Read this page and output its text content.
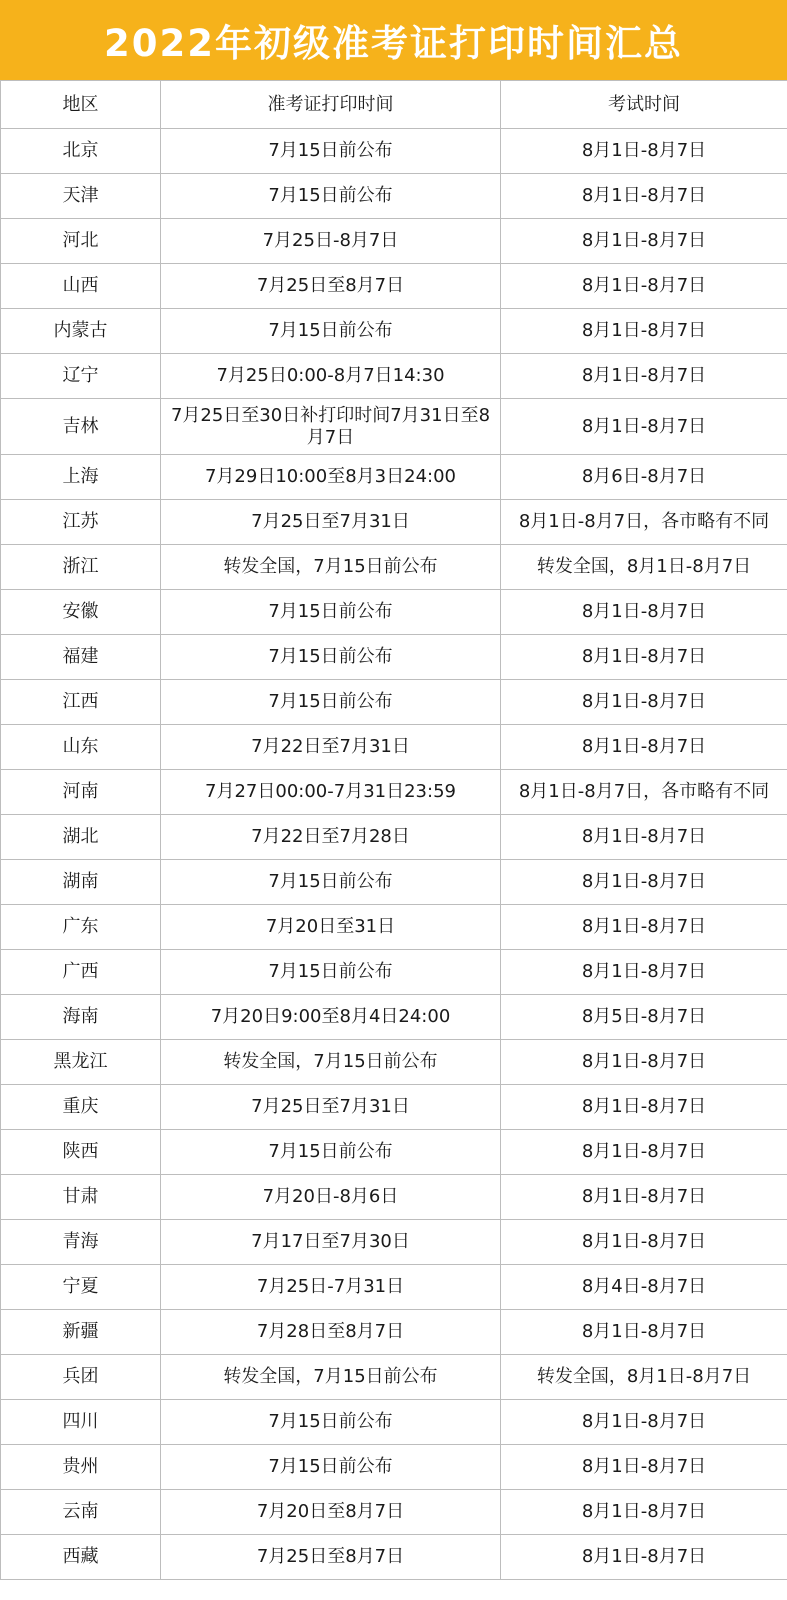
2022年初级准考证打印时间汇总
地区	准考证打印时间	考试时间
北京	7月15日前公布	8月1日-8月7日
天津	7月15日前公布	8月1日-8月7日
河北	7月25日-8月7日	8月1日-8月7日
山西	7月25日至8月7日	8月1日-8月7日
内蒙古	7月15日前公布	8月1日-8月7日
辽宁	7月25日0:00-8月7日14:30	8月1日-8月7日
吉林	7月25日至30日补打印时间7月31日至8月7日	8月1日-8月7日
上海	7月29日10:00至8月3日24:00	8月6日-8月7日
江苏	7月25日至7月31日	8月1日-8月7日，各市略有不同
浙江	转发全国，7月15日前公布	转发全国，8月1日-8月7日
安徽	7月15日前公布	8月1日-8月7日
福建	7月15日前公布	8月1日-8月7日
江西	7月15日前公布	8月1日-8月7日
山东	7月22日至7月31日	8月1日-8月7日
河南	7月27日00:00-7月31日23:59	8月1日-8月7日，各市略有不同
湖北	7月22日至7月28日	8月1日-8月7日
湖南	7月15日前公布	8月1日-8月7日
广东	7月20日至31日	8月1日-8月7日
广西	7月15日前公布	8月1日-8月7日
海南	7月20日9:00至8月4日24:00	8月5日-8月7日
黑龙江	转发全国，7月15日前公布	8月1日-8月7日
重庆	7月25日至7月31日	8月1日-8月7日
陕西	7月15日前公布	8月1日-8月7日
甘肃	7月20日-8月6日	8月1日-8月7日
青海	7月17日至7月30日	8月1日-8月7日
宁夏	7月25日-7月31日	8月4日-8月7日
新疆	7月28日至8月7日	8月1日-8月7日
兵团	转发全国，7月15日前公布	转发全国，8月1日-8月7日
四川	7月15日前公布	8月1日-8月7日
贵州	7月15日前公布	8月1日-8月7日
云南	7月20日至8月7日	8月1日-8月7日
西藏	7月25日至8月7日	8月1日-8月7日
